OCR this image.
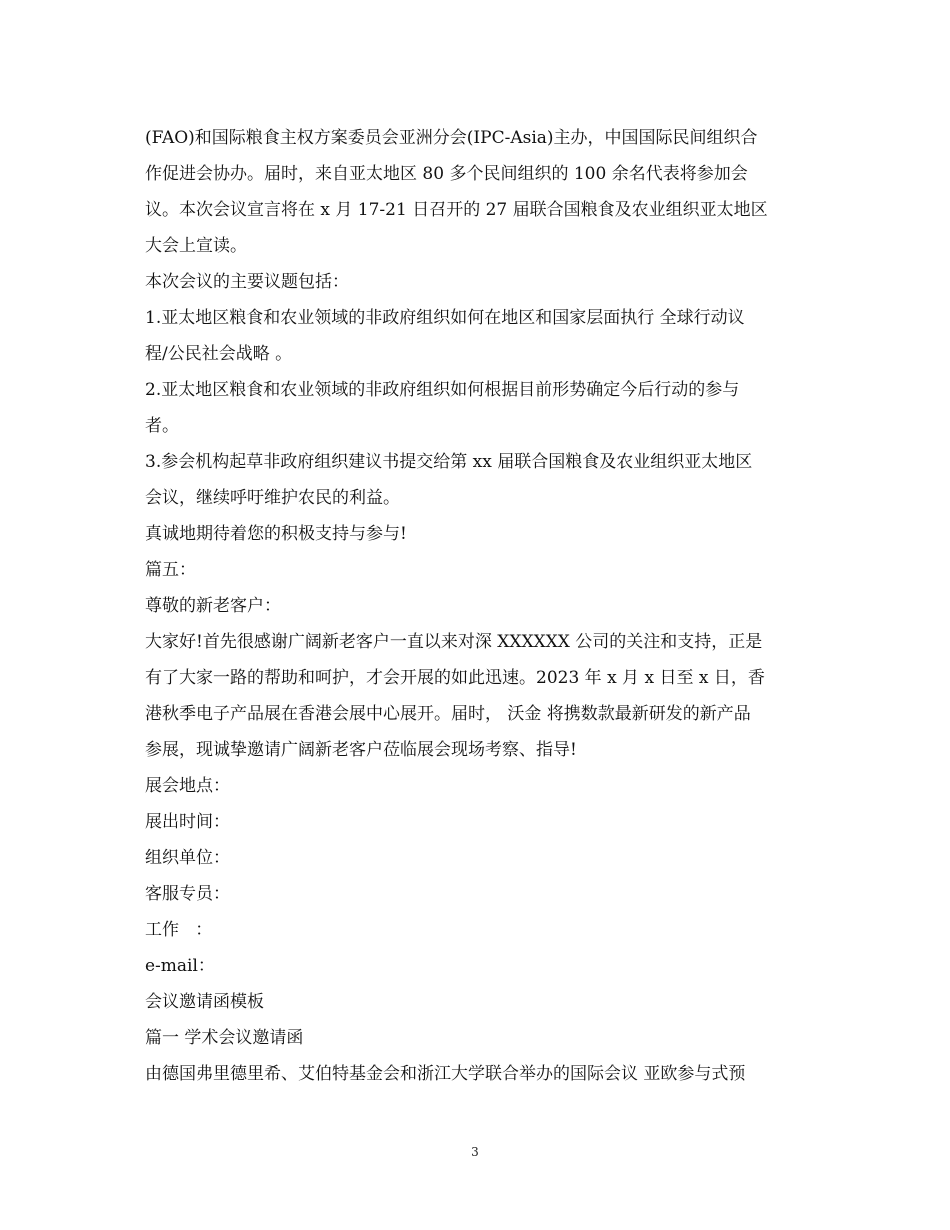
(FAO)和国际粮食主权方案委员会亚洲分会(IPC-Asia)主办，中国国际民间组织合
作促进会协办。届时，来自亚太地区 80 多个民间组织的 100 余名代表将参加会
议。本次会议宣言将在 x 月 17-21 日召开的 27 届联合国粮食及农业组织亚太地区
大会上宣读。
本次会议的主要议题包括：
1.亚太地区粮食和农业领域的非政府组织如何在地区和国家层面执行 全球行动议
程/公民社会战略 。
2.亚太地区粮食和农业领域的非政府组织如何根据目前形势确定今后行动的参与
者。
3.参会机构起草非政府组织建议书提交给第 xx 届联合国粮食及农业组织亚太地区
会议，继续呼吁维护农民的利益。
真诚地期待着您的积极支持与参与!
篇五：
尊敬的新老客户：
大家好!首先很感谢广阔新老客户一直以来对深 XXXXXX 公司的关注和支持，正是
有了大家一路的帮助和呵护，才会开展的如此迅速。2023 年 x 月 x 日至 x 日，香
港秋季电子产品展在香港会展中心展开。届时， 沃金 将携数款最新研发的新产品
参展，现诚挚邀请广阔新老客户莅临展会现场考察、指导!
展会地点：
展出时间：
组织单位：
客服专员：
工作   ：
e-mail：
会议邀请函模板
篇一 学术会议邀请函
由德国弗里德里希、艾伯特基金会和浙江大学联合举办的国际会议 亚欧参与式预
3
